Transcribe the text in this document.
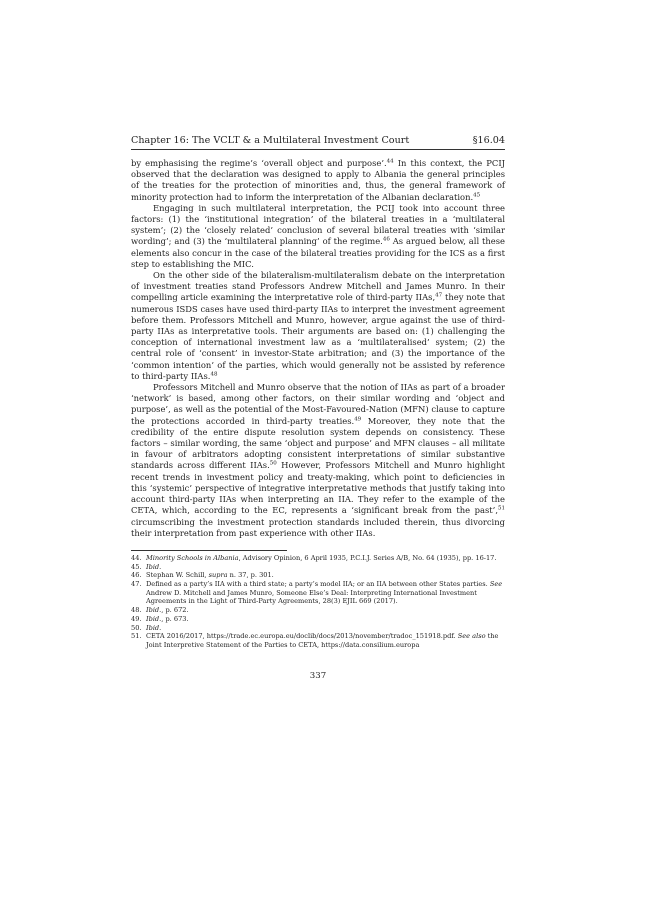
Chapter 16: The VCLT & a Multilateral Investment Court	§16.04

by emphasising the regime’s ‘overall object and purpose’.$^{44}$ In this context, the PCIJ observed that the declaration was designed to apply to Albania the general principles of the treaties for the protection of minorities and, thus, the general framework of minority protection had to inform the interpretation of the Albanian declaration.$^{45}$

Engaging in such multilateral interpretation, the PCIJ took into account three factors: (1) the ‘institutional integration’ of the bilateral treaties in a ‘multilateral system’; (2) the ‘closely related’ conclusion of several bilateral treaties with ‘similar wording’; and (3) the ‘multilateral planning’ of the regime.$^{46}$ As argued below, all these elements also concur in the case of the bilateral treaties providing for the ICS as a first step to establishing the MIC.

On the other side of the bilateralism-multilateralism debate on the interpretation of investment treaties stand Professors Andrew Mitchell and James Munro. In their compelling article examining the interpretative role of third-party IIAs,$^{47}$ they note that numerous ISDS cases have used third-party IIAs to interpret the investment agreement before them. Professors Mitchell and Munro, however, argue against the use of third-party IIAs as interpretative tools. Their arguments are based on: (1) challenging the conception of international investment law as a ‘multilateralised’ system; (2) the central role of ‘consent’ in investor-State arbitration; and (3) the importance of the ‘common intention’ of the parties, which would generally not be assisted by reference to third-party IIAs.$^{48}$

Professors Mitchell and Munro observe that the notion of IIAs as part of a broader ‘network’ is based, among other factors, on their similar wording and ‘object and purpose’, as well as the potential of the Most-Favoured-Nation (MFN) clause to capture the protections accorded in third-party treaties.$^{49}$ Moreover, they note that the credibility of the entire dispute resolution system depends on consistency. These factors – similar wording, the same ‘object and purpose’ and MFN clauses – all militate in favour of arbitrators adopting consistent interpretations of similar substantive standards across different IIAs.$^{50}$ However, Professors Mitchell and Munro highlight recent trends in investment policy and treaty-making, which point to deficiencies in this ‘systemic’ perspective of integrative interpretative methods that justify taking into account third-party IIAs when interpreting an IIA. They refer to the example of the CETA, which, according to the EC, represents a ‘significant break from the past’,$^{51}$ circumscribing the investment protection standards included therein, thus divorcing their interpretation from past experience with other IIAs.

44. Minority Schools in Albania, Advisory Opinion, 6 April 1935, P.C.I.J. Series A/B, No. 64 (1935), pp. 16-17.
45. Ibid.
46. Stephan W. Schill, supra n. 37, p. 301.
47. Defined as a party’s IIA with a third state; a party’s model IIA; or an IIA between other States parties. See Andrew D. Mitchell and James Munro, Someone Else’s Deal: Interpreting International Investment Agreements in the Light of Third-Party Agreements, 28(3) EJIL 669 (2017).
48. Ibid., p. 672.
49. Ibid., p. 673.
50. Ibid.
51. CETA 2016/2017, https://trade.ec.europa.eu/doclib/docs/2013/november/tradoc_151918.pdf. See also the Joint Interpretive Statement of the Parties to CETA, https://data.consilium.europa
337
